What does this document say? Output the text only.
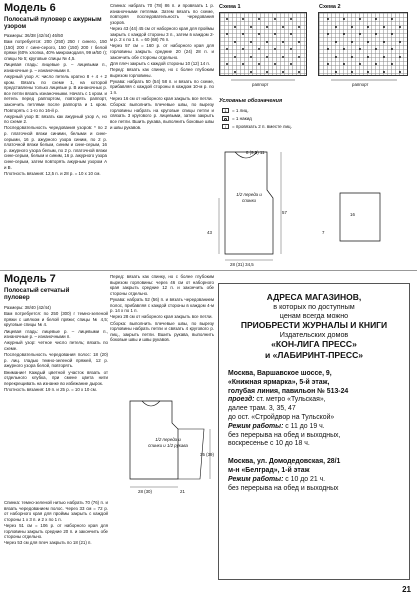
Модель 6
Полосатый пуловер с ажурным узором

Размеры: 36/38 (42/44) 46/50

Вам потребуется: 200 (250) 250 г синего, 150 (150) 200 г сине-серого, 150 (150) 200 г белой пряжи (60% хлопка, 40% микромодаля, 99 м/50 г); спицы № 5; круговые спицы № 4,5.

Лицевая гладь: лицевые р. – лицевыми п., изнаночные р. – изнаночными п.

Ажурный узор А: число петель кратно 8 + 4 + 2 кром. Вязать по схеме 1, на которой представлены только лицевые р. В изнаночных р. все петли вязать изнаночными. Начать с 1 кром. и петель перед раппортом, повторять раппорт, закончить петлями после раппорта и 1 кром. Повторять с 1-го по 16-й р.

Ажурный узор В: вязать как ажурный узор А, но по схеме 2.

Последовательность чередования узоров: * по 2 р. платочной вязки синими, белыми и сине-серыми, 16 р. ажурного узора синим, по 2 р. платочной вязки белым, синим и сине-серым, 16 р. ажурного узора белым, по 2 р. платочной вязки сине-серым, белым и синим, 16 р. ажурного узора сине-серым, затем повторять ажурным узором А и В.

Плотность вязания: 12,5 п. и 28 р. = 10 х 10 см.

Спинка: набрать 70 (78) 86 п. и провязать 1 р. изнаночными петлями. Затем вязать по схеме, повторяя последовательность чередования узоров.

Через 43 (44) 45 см от наборного края для проймы закрыть с каждой стороны 3 п., затем в каждом 2-м р. 2 х по 1 п. = 60 (68) 76 п.

Через 57 см = 160 р. от наборного края для горловины закрыть средние 20 (24) 28 п. и закончить обе стороны отдельно.

Для плеч закрыть с каждой стороны 10 (12) 14 п.

Перед: вязать как спинку, но с более глубоким вырезом горловины.

Рукава: набрать 50 (54) 58 п. и вязать по схеме, прибавляя с каждой стороны в каждом 10-м р. по 1 п.

Через 16 см от наборного края закрыть все петли.

Сборка: выполнить плечевые швы, по вырезу горловины набрать на круговые спицы петли и связать 3 кругового р. лицевыми, затем закрыть все петли. Вшить рукава, выполнить боковые швы и швы рукавов.

Схема 1	Схема 2
раппорт	раппорт
Условные обозначения
1	= 1 лиц.
= 1 накид
/	= провязать 2 п. вместе лиц.
1/2 переда и спинки
57
43
28 (31) 34,5
8 (9,5) 11
16
7
Модель 7
Полосатый сетчатый пуловер

Размеры: 38/40 (42/44)

Вам потребуется: по 250 (300) г темно-зеленой пряжи с шёлком и белой пряжи; спицы № 4,5; круговые спицы № 4.

Лицевая гладь: лицевые р. – лицевыми п., изнаночные р. – изнаночными п.

Ажурный узор: четное число петель; вязать по схеме.

Последовательность чередования полос: 18 (20) р. лиц. гладью темно-зеленой пряжей, 12 р. ажурного узора белой, повторять.

Внимание! Каждый цветной участок вязать от отдельного клубка, при смене цвета нити перекрещивать на изнанке во избежание дырок.

Плотность вязания: 19 п. и 25 р. = 10 х 10 см.

Спинка: темно-зеленой нитью набрать 70 (76) п. и вязать чередованием полос. Через 33 см = 72 р. от наборного края для проймы закрыть с каждой стороны 1 х 3 п. и 2 х по 1 п.

Через 51 см = 106 р. от наборного края для горловины закрыть средние 20 п. и закончить обе стороны отдельно.

Через 53 см для плеч закрыть по 18 (21) п.

Перед: вязать как спинку, но с более глубоким вырезом горловины: через 46 см от наборного края закрыть средние 12 п. и закончить обе стороны отдельно.

Рукава: набрать 52 (56) п. и вязать чередованием полос, прибавляя с каждой стороны в каждом 4-м р. 14 х по 1 п.

Через 28 см от наборного края закрыть все петли.

Сборка: выполнить плечевые швы, по вырезу горловины набрать петли и связать 4 кругового р. лиц., закрыть петли. Вшить рукава, выполнить боковые швы и швы рукавов.

1/2 переда и спинки и 1/2 рукава
35 (39)
28 (30)	21
АДРЕСА МАГАЗИНОВ,
в которых по доступным
ценам всегда можно
ПРИОБРЕСТИ ЖУРНАЛЫ И КНИГИ
Издательских домов
«КОН-ЛИГА ПРЕСС»
и «ЛАБИРИНТ-ПРЕСС»
Москва, Варшавское шоссе, 9,
«Книжная ярмарка», 5-й этаж,
голубая линия, павильон № 513-24
проезд: ст. метро «Тульская»,
далее трам. 3, 35, 47
до ост. «Стройдвор на Тульской»
Режим работы: с 11 до 19 ч.
без перерыва на обед и выходных,
воскресенье с 10 до 18 ч.
Москва, ул. Домодедовская, 28/1
м-н «Белград», 1-й этаж
Режим работы: с 10 до 21 ч.
без перерыва на обед и выходных
21
